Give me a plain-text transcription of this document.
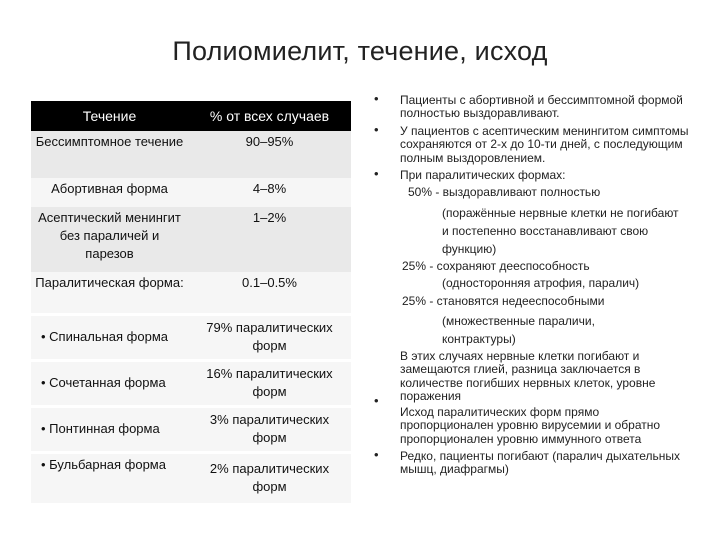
Полиомиелит, течение, исход
Течение	% от всех случаев
Бессимптомное течение	90–95%
Абортивная форма	4–8%
Асептический менингит без параличей и парезов	1–2%
Паралитическая форма:	0.1–0.5%
• Спинальная форма	79% паралитических форм
• Сочетанная форма	16% паралитических форм
• Понтинная форма	3% паралитических форм
• Бульбарная форма	2% паралитических форм
• Пациенты с абортивной и бессимптомной формой полностью выздоравливают.
• У пациентов с асептическим менингитом симптомы сохраняются от 2-х до 10-ти дней, с последующим полным выздоровлением.
• При паралитических формах:
50% - выздоравливают полностью
(поражённые нервные клетки не погибают и постепенно восстанавливают свою функцию)
25% - сохраняют дееспособность
(односторонняя атрофия, паралич)
25% - становятся недееспособными
(множественные параличи, контрактуры)
В этих случаях нервные клетки погибают и замещаются глией, разница заключается в количестве погибших нервных клеток, уровне поражения
•
Исход паралитических форм прямо пропорционален уровню вирусемии и обратно пропорционален уровню иммунного ответа
• Редко, пациенты погибают (паралич дыхательных мышц, диафрагмы)
